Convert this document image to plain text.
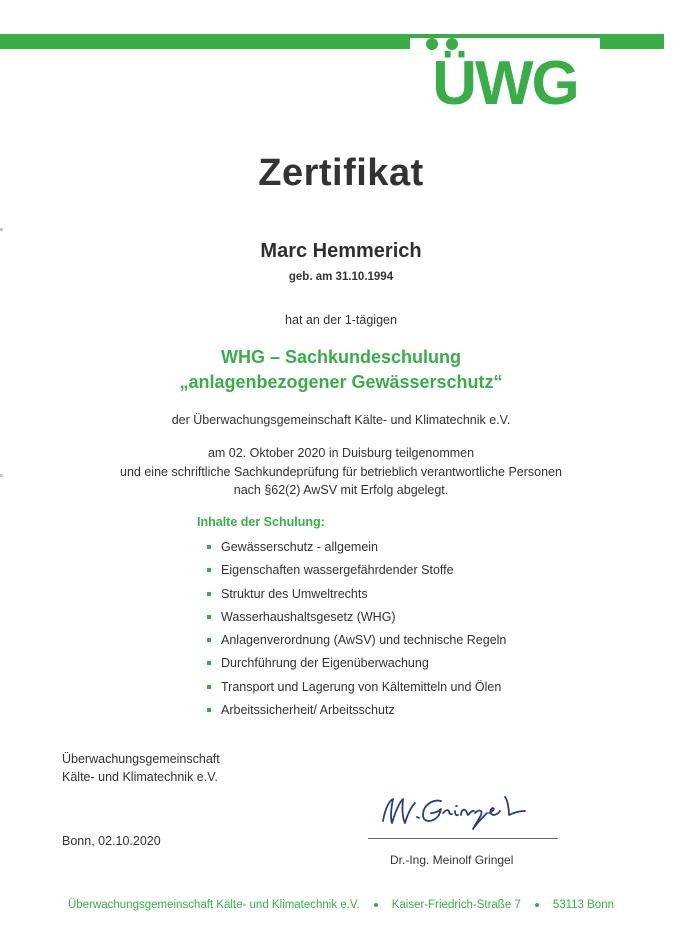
ÜWG
Zertifikat
Marc Hemmerich
geb. am 31.10.1994
hat an der 1-tägigen
WHG – Sachkundeschulung
„anlagenbezogener Gewässerschutz“
der Überwachungsgemeinschaft Kälte- und Klimatechnik e.V.
am 02. Oktober 2020 in Duisburg teilgenommen
und eine schriftliche Sachkundeprüfung für betrieblich verantwortliche Personen
nach §62(2) AwSV mit Erfolg abgelegt.
Inhalte der Schulung:
Gewässerschutz - allgemein
Eigenschaften wassergefährdender Stoffe
Struktur des Umweltrechts
Wasserhaushaltsgesetz (WHG)
Anlagenverordnung (AwSV) und technische Regeln
Durchführung der Eigenüberwachung
Transport und Lagerung von Kältemitteln und Ölen
Arbeitssicherheit/ Arbeitsschutz
Überwachungsgemeinschaft
Kälte- und Klimatechnik e.V.
Bonn, 02.10.2020
Dr.-Ing. Meinolf Gringel
Überwachungsgemeinschaft Kälte- und Klimatechnik e.V.	Kaiser-Friedrich-Straße 7	53113 Bonn
